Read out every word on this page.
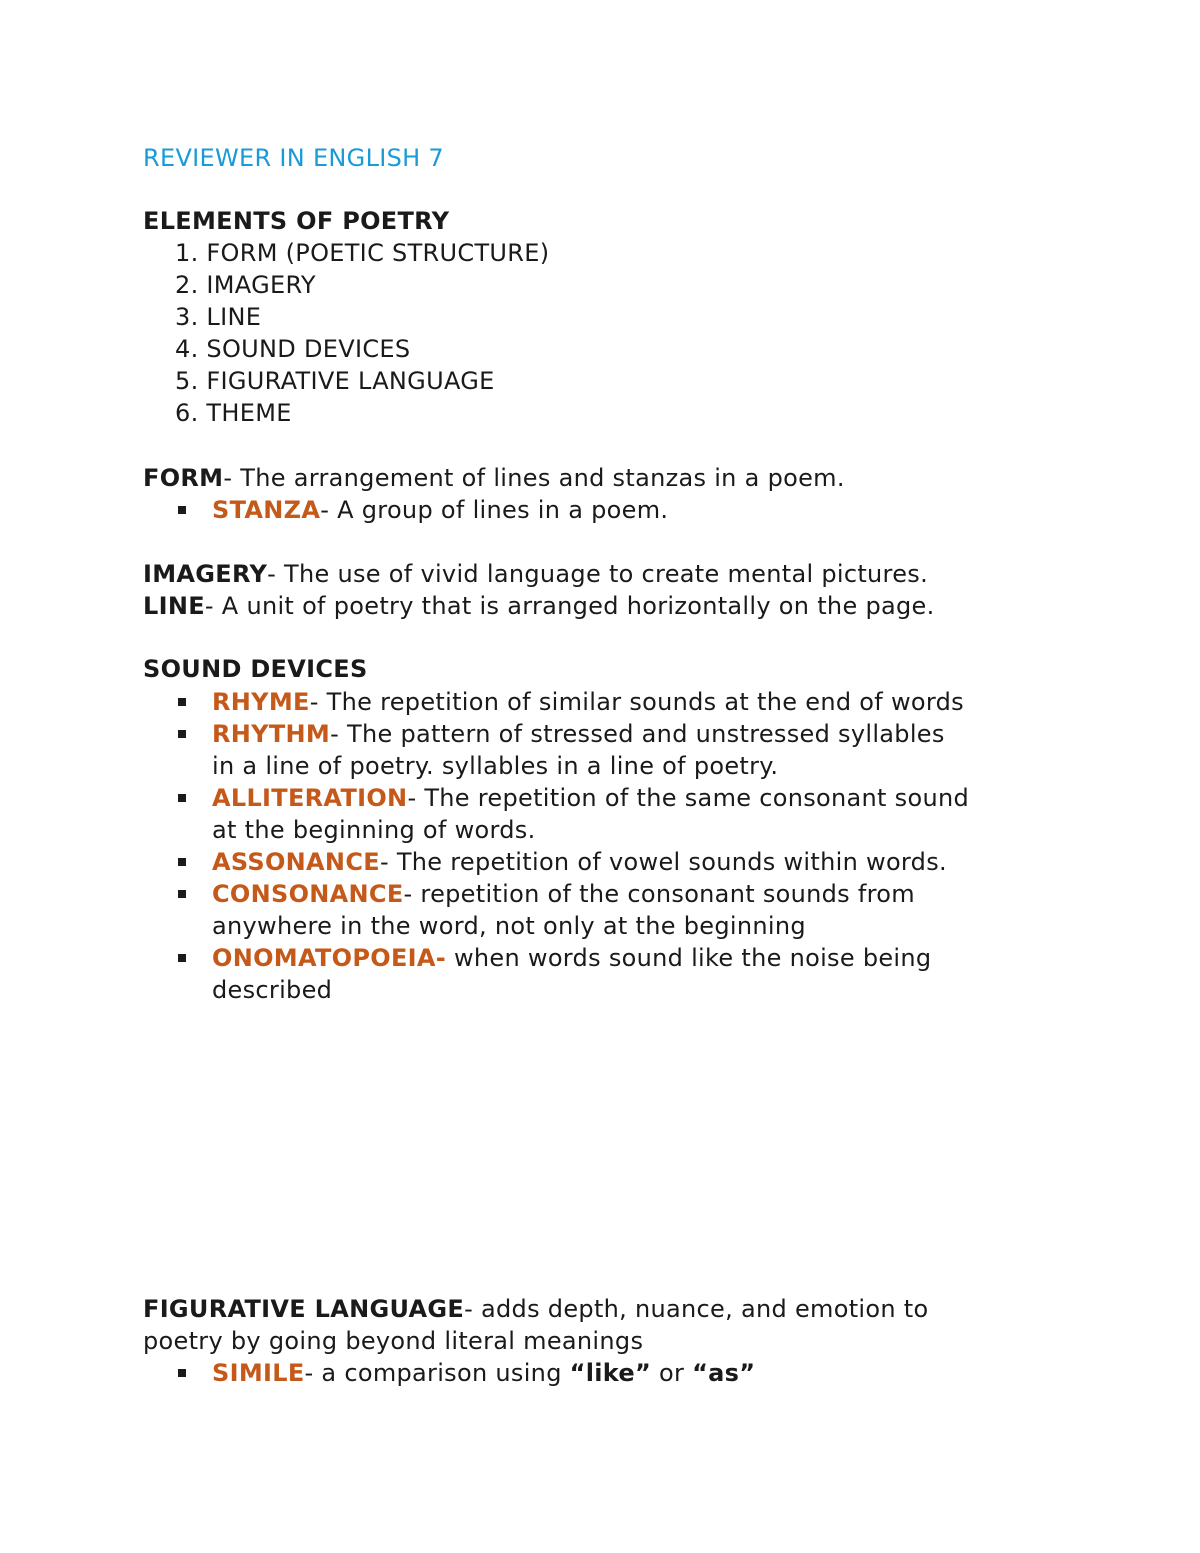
REVIEWER IN ENGLISH 7
ELEMENTS OF POETRY
1. FORM (POETIC STRUCTURE)
2. IMAGERY
3. LINE
4. SOUND DEVICES
5. FIGURATIVE LANGUAGE
6. THEME
FORM- The arrangement of lines and stanzas in a poem.
STANZA- A group of lines in a poem.
IMAGERY- The use of vivid language to create mental pictures.
LINE- A unit of poetry that is arranged horizontally on the page.
SOUND DEVICES
RHYME- The repetition of similar sounds at the end of words
RHYTHM- The pattern of stressed and unstressed syllables
in a line of poetry. syllables in a line of poetry.
ALLITERATION- The repetition of the same consonant sound
at the beginning of words.
ASSONANCE- The repetition of vowel sounds within words.
CONSONANCE- repetition of the consonant sounds from
anywhere in the word, not only at the beginning
ONOMATOPOEIA- when words sound like the noise being
described
FIGURATIVE LANGUAGE- adds depth, nuance, and emotion to
poetry by going beyond literal meanings
SIMILE- a comparison using “like” or “as”
